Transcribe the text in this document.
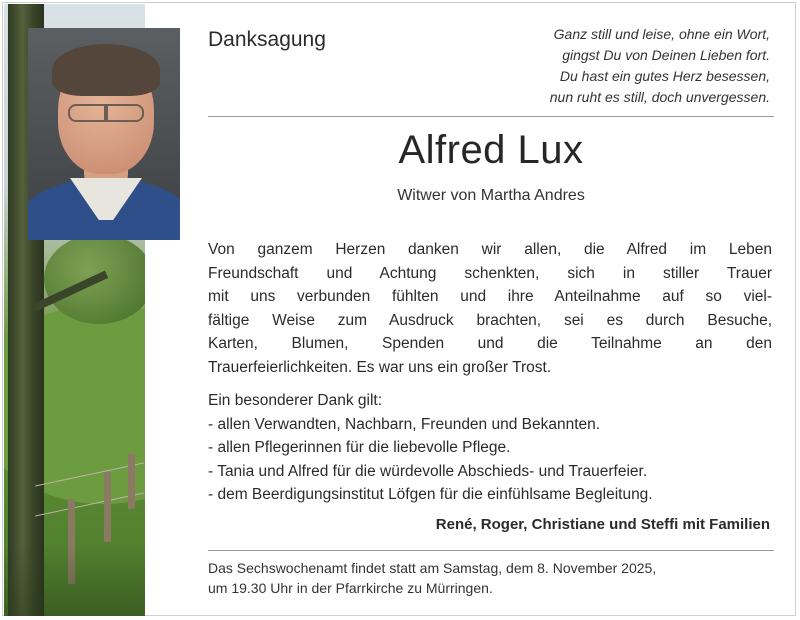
Danksagung	Ganz still und leise, ohne ein Wort,
gingst Du von Deinen Lieben fort.
Du hast ein gutes Herz besessen,
nun ruht es still, doch unvergessen.
Alfred Lux
Witwer von Martha Andres
Von ganzem Herzen danken wir allen, die Alfred im Leben
Freundschaft und Achtung schenkten, sich in stiller Trauer
mit uns verbunden fühlten und ihre Anteilnahme auf so viel-
fältige Weise zum Ausdruck brachten, sei es durch Besuche,
Karten, Blumen, Spenden und die Teilnahme an den
Trauerfeierlichkeiten. Es war uns ein großer Trost.
Ein besonderer Dank gilt:
- allen Verwandten, Nachbarn, Freunden und Bekannten.
- allen Pflegerinnen für die liebevolle Pflege.
- Tania und Alfred für die würdevolle Abschieds- und Trauerfeier.
- dem Beerdigungsinstitut Löfgen für die einfühlsame Begleitung.
René, Roger, Christiane und Steffi mit Familien
Das Sechswochenamt findet statt am Samstag, dem 8. November 2025,
um 19.30 Uhr in der Pfarrkirche zu Mürringen.
